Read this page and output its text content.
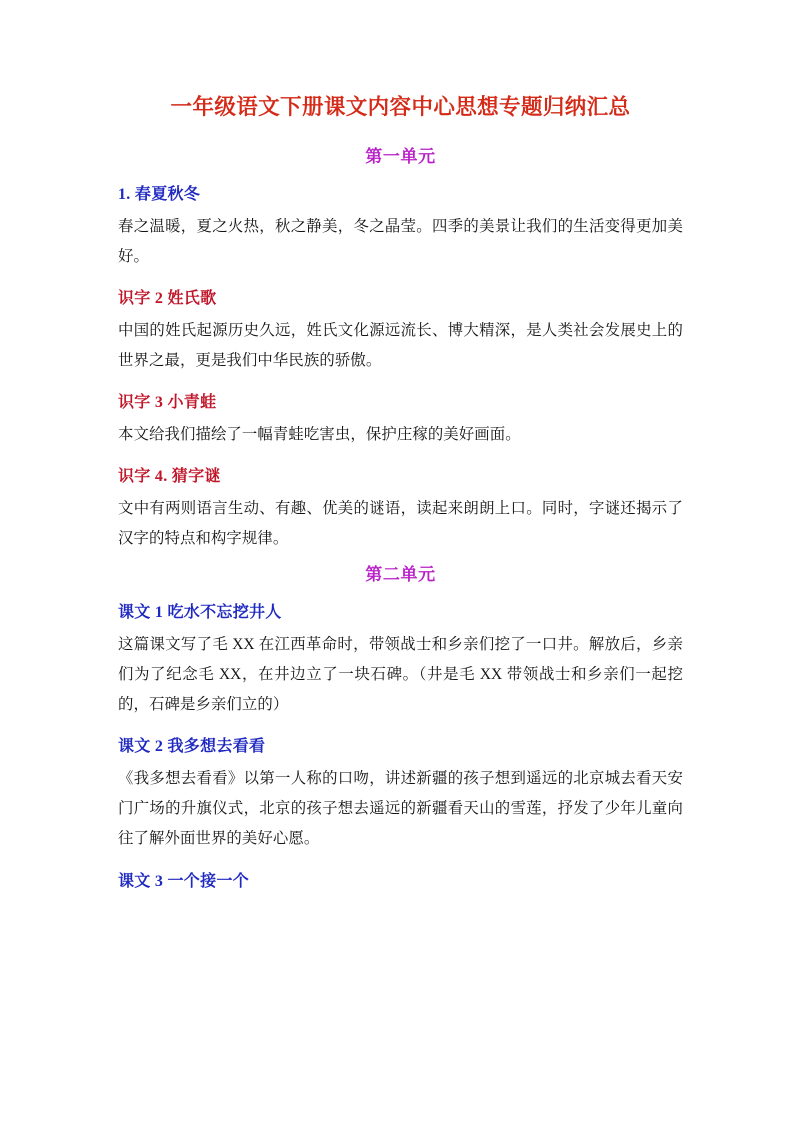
一年级语文下册课文内容中心思想专题归纳汇总
第一单元
1. 春夏秋冬

春之温暖，夏之火热，秋之静美，冬之晶莹。四季的美景让我们的生活变得更加美好。

识字 2 姓氏歌

中国的姓氏起源历史久远，姓氏文化源远流长、博大精深，是人类社会发展史上的世界之最，更是我们中华民族的骄傲。

识字 3 小青蛙

本文给我们描绘了一幅青蛙吃害虫，保护庄稼的美好画面。

识字 4. 猜字谜

文中有两则语言生动、有趣、优美的谜语，读起来朗朗上口。同时，字谜还揭示了汉字的特点和构字规律。

第二单元
课文 1 吃水不忘挖井人

这篇课文写了毛 XX 在江西革命时，带领战士和乡亲们挖了一口井。解放后，乡亲们为了纪念毛 XX，在井边立了一块石碑。（井是毛 XX 带领战士和乡亲们一起挖的，石碑是乡亲们立的）

课文 2 我多想去看看

《我多想去看看》以第一人称的口吻，讲述新疆的孩子想到遥远的北京城去看天安门广场的升旗仪式，北京的孩子想去遥远的新疆看天山的雪莲，抒发了少年儿童向往了解外面世界的美好心愿。

课文 3 一个接一个
